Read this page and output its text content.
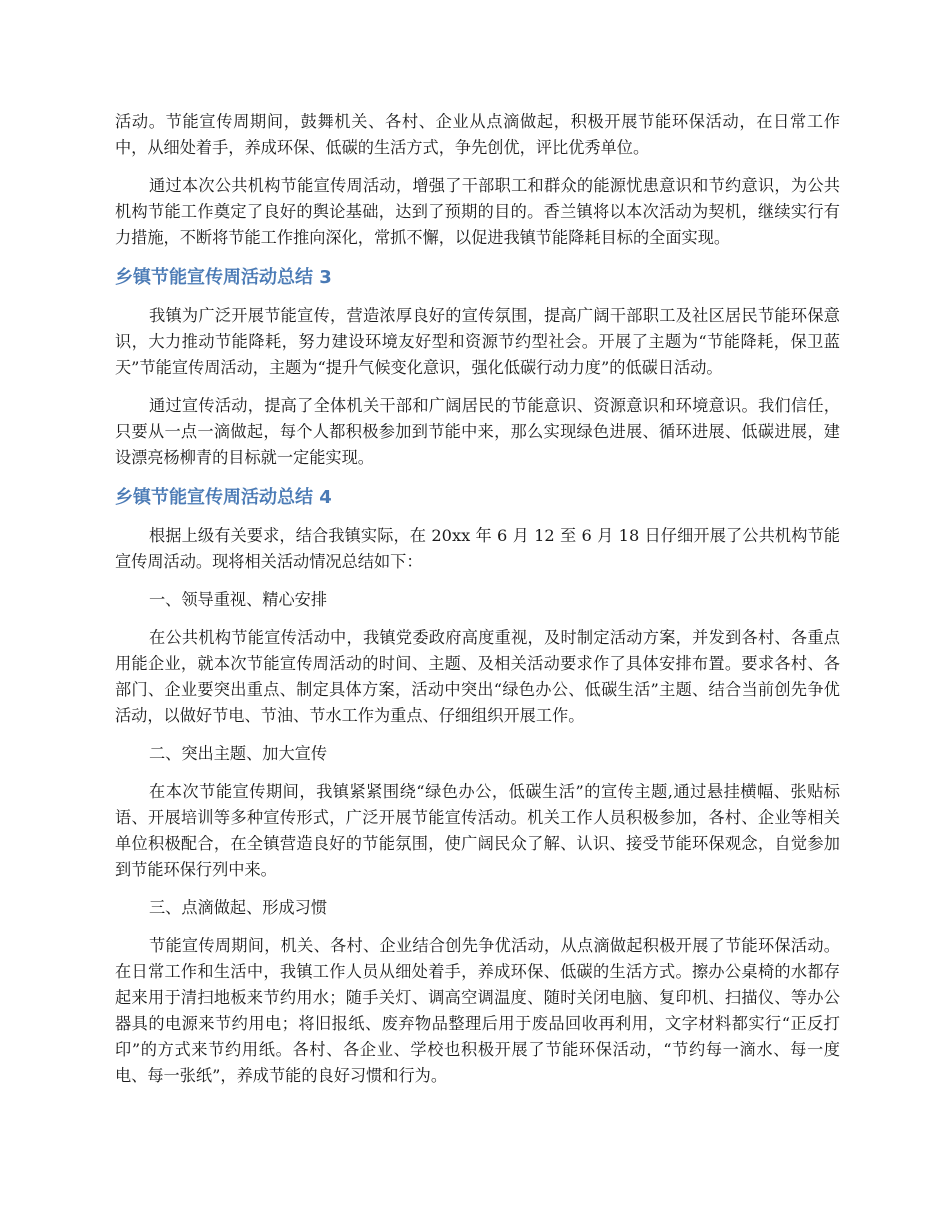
活动。节能宣传周期间，鼓舞机关、各村、企业从点滴做起，积极开展节能环保活动，在日常工作中，从细处着手，养成环保、低碳的生活方式，争先创优，评比优秀单位。

通过本次公共机构节能宣传周活动，增强了干部职工和群众的能源忧患意识和节约意识，为公共机构节能工作奠定了良好的舆论基础，达到了预期的目的。香兰镇将以本次活动为契机，继续实行有力措施，不断将节能工作推向深化，常抓不懈，以促进我镇节能降耗目标的全面实现。

乡镇节能宣传周活动总结 3

我镇为广泛开展节能宣传，营造浓厚良好的宣传氛围，提高广阔干部职工及社区居民节能环保意识，大力推动节能降耗，努力建设环境友好型和资源节约型社会。开展了主题为“节能降耗，保卫蓝天”节能宣传周活动，主题为“提升气候变化意识，强化低碳行动力度”的低碳日活动。

通过宣传活动，提高了全体机关干部和广阔居民的节能意识、资源意识和环境意识。我们信任，只要从一点一滴做起，每个人都积极参加到节能中来，那么实现绿色进展、循环进展、低碳进展，建设漂亮杨柳青的目标就一定能实现。

乡镇节能宣传周活动总结 4

根据上级有关要求，结合我镇实际，在 20xx 年 6 月 12 至 6 月 18 日仔细开展了公共机构节能宣传周活动。现将相关活动情况总结如下：

一、领导重视、精心安排

在公共机构节能宣传活动中，我镇党委政府高度重视，及时制定活动方案，并发到各村、各重点用能企业，就本次节能宣传周活动的时间、主题、及相关活动要求作了具体安排布置。要求各村、各部门、企业要突出重点、制定具体方案，活动中突出“绿色办公、低碳生活”主题、结合当前创先争优活动，以做好节电、节油、节水工作为重点、仔细组织开展工作。

二、突出主题、加大宣传

在本次节能宣传期间，我镇紧紧围绕“绿色办公，低碳生活”的宣传主题,通过悬挂横幅、张贴标语、开展培训等多种宣传形式，广泛开展节能宣传活动。机关工作人员积极参加，各村、企业等相关单位积极配合，在全镇营造良好的节能氛围，使广阔民众了解、认识、接受节能环保观念，自觉参加到节能环保行列中来。

三、点滴做起、形成习惯

节能宣传周期间，机关、各村、企业结合创先争优活动，从点滴做起积极开展了节能环保活动。在日常工作和生活中，我镇工作人员从细处着手，养成环保、低碳的生活方式。擦办公桌椅的水都存起来用于清扫地板来节约用水；随手关灯、调高空调温度、随时关闭电脑、复印机、扫描仪、等办公器具的电源来节约用电；将旧报纸、废弃物品整理后用于废品回收再利用，文字材料都实行“正反打印”的方式来节约用纸。各村、各企业、学校也积极开展了节能环保活动，“节约每一滴水、每一度电、每一张纸”，养成节能的良好习惯和行为。
